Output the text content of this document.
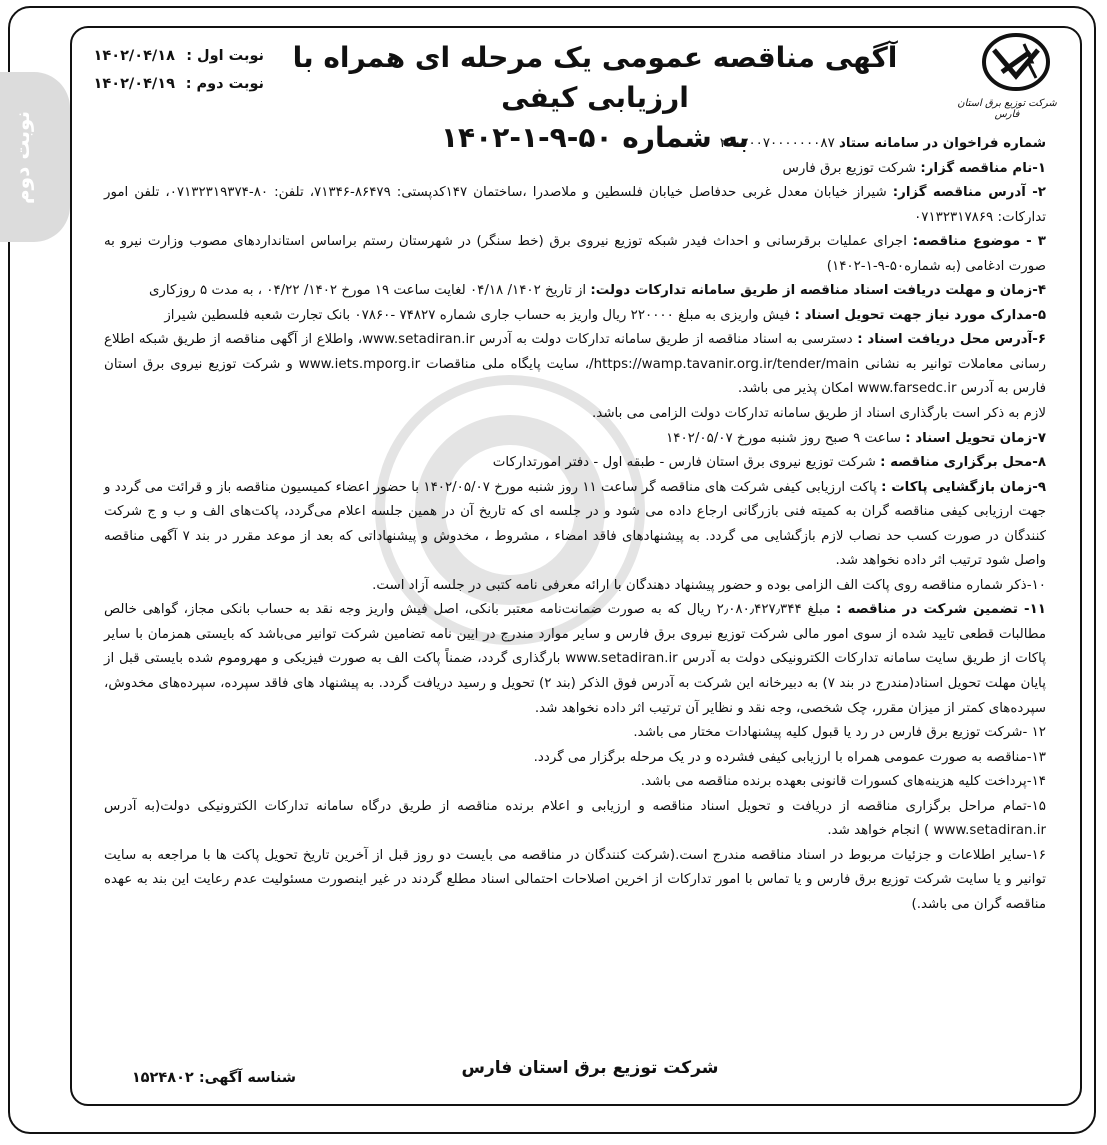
نوبت دوم
شرکت توزیع برق استان فارس
آگهی مناقصه عمومی یک مرحله ای همراه با ارزیابی کیفی
به شماره ۵۰-۹-۱-۱۴۰۲
نوبت اول : ۱۴۰۲/۰۴/۱۸
نوبت دوم : ۱۴۰۲/۰۴/۱۹

شماره فراخوان در سامانه ستاد ۲۰۰۲۰۰۷۰۰۰۰۰۰۰۸۷

۱-نام مناقصه گزار: شرکت توزیع برق فارس

۲- آدرس مناقصه گزار: شیراز خیابان معدل غربی حدفاصل خیابان فلسطین و ملاصدرا ،ساختمان ۱۴۷کدپستی: ۸۶۴۷۹-۷۱۳۴۶، تلفن: ۸۰-۰۷۱۳۲۳۱۹۳۷۴، تلفن امور تدارکات: ۰۷۱۳۲۳۱۷۸۶۹

۳ - موضوع مناقصه: اجرای عملیات برقرسانی و احداث فیدر شبکه توزیع نیروی برق (خط سنگر) در شهرستان رستم براساس استانداردهای مصوب وزارت نیرو به صورت ادغامی (به شماره۵۰-۹-۱-۱۴۰۲)

۴-زمان و مهلت دریافت اسناد مناقصه از طریق سامانه تدارکات دولت: از تاریخ ۱۴۰۲/ ۰۴/۱۸ لغایت ساعت ۱۹ مورخ ۱۴۰۲/ ۰۴/۲۲ ، به مدت ۵ روزکاری

۵-مدارک مورد نیاز جهت تحویل اسناد : فیش واریزی به مبلغ ۲۲۰۰۰۰ ریال واریز به حساب جاری شماره ۷۴۸۲۷ -۰۷۸۶۰ بانک تجارت شعبه فلسطین شیراز

۶-آدرس محل دریافت اسناد : دسترسی به اسناد مناقصه از طریق سامانه تدارکات دولت به آدرس www.setadiran.ir، واطلاع از آگهی مناقصه از طریق شبکه اطلاع رسانی معاملات توانیر به نشانی https://wamp.tavanir.org.ir/tender/main/، سایت پایگاه ملی مناقصات www.iets.mporg.ir و شرکت توزیع نیروی برق استان فارس به آدرس www.farsedc.ir امکان پذیر می باشد.

لازم به ذکر است بارگذاری اسناد از طریق سامانه تدارکات دولت الزامی می باشد.

۷-زمان تحویل اسناد : ساعت ۹ صبح روز شنبه مورخ ۱۴۰۲/۰۵/۰۷

۸-محل برگزاری مناقصه : شرکت توزیع نیروی برق استان فارس - طبقه اول - دفتر امورتدارکات

۹-زمان بازگشایی پاکات : پاکت ارزیابی کیفی شرکت های مناقصه گر ساعت ۱۱ روز شنبه مورخ ۱۴۰۲/۰۵/۰۷ با حضور اعضاء کمیسیون مناقصه باز و قرائت می گردد و جهت ارزیابی کیفی مناقصه گران به کمیته فنی بازرگانی ارجاع داده می شود و در جلسه ای که تاریخ آن در همین جلسه اعلام می‌گردد، پاکت‌های الف و ب و ج شرکت کنندگان در صورت کسب حد نصاب لازم بازگشایی می گردد. به پیشنهادهای فاقد امضاء ، مشروط ، مخدوش و پیشنهاداتی که بعد از موعد مقرر در بند ۷ آگهی مناقصه واصل شود ترتیب اثر داده نخواهد شد.

۱۰-ذکر شماره مناقصه روی پاکت الف الزامی بوده و حضور پیشنهاد دهندگان با ارائه معرفی نامه کتبی در جلسه آزاد است.

۱۱- تضمین شرکت در مناقصه : مبلغ ۲٫۰۸۰٫۴۲۷٫۳۴۴ ریال که به صورت ضمانت‌نامه معتبر بانکی، اصل فیش واریز وجه نقد به حساب بانکی مجاز، گواهی خالص مطالبات قطعی تایید شده از سوی امور مالی شرکت توزیع نیروی برق فارس و سایر موارد مندرج در ایین نامه تضامین شرکت توانیر می‌باشد که بایستی همزمان با سایر پاکات از طریق سایت سامانه تدارکات الکترونیکی دولت به آدرس www.setadiran.ir بارگذاری گردد، ضمناً پاکت الف به صورت فیزیکی و مهروموم شده بایستی قبل از پایان مهلت تحویل اسناد(مندرج در بند ۷) به دبیرخانه این شرکت به آدرس فوق الذکر (بند ۲) تحویل و رسید دریافت گردد. به پیشنهاد های فاقد سپرده، سپرده‌های مخدوش، سپرده‌های کمتر از میزان مقرر، چک شخصی، وجه نقد و نظایر آن ترتیب اثر داده نخواهد شد.

۱۲ -شرکت توزیع برق فارس در رد یا قبول کلیه پیشنهادات مختار می باشد.

۱۳-مناقصه به صورت عمومی همراه با ارزیابی کیفی فشرده و در یک مرحله برگزار می گردد.

۱۴-پرداخت کلیه هزینه‌های کسورات قانونی بعهده برنده مناقصه می باشد.

۱۵-تمام مراحل برگزاری مناقصه از دریافت و تحویل اسناد مناقصه و ارزیابی و اعلام برنده مناقصه از طریق درگاه سامانه تدارکات الکترونیکی دولت(به آدرس www.setadiran.ir ) انجام خواهد شد.

۱۶-سایر اطلاعات و جزئیات مربوط در اسناد مناقصه مندرج است.(شرکت کنندگان در مناقصه می بایست دو روز قبل از آخرین تاریخ تحویل پاکت ها با مراجعه به سایت توانیر و یا سایت شرکت توزیع برق فارس و یا تماس با امور تدارکات از اخرین اصلاحات احتمالی اسناد مطلع گردند در غیر اینصورت مسئولیت عدم رعایت این بند به عهده مناقصه گران می باشد.)

شرکت توزیع برق استان فارس
شناسه آگهی: ۱۵۲۴۸۰۲
